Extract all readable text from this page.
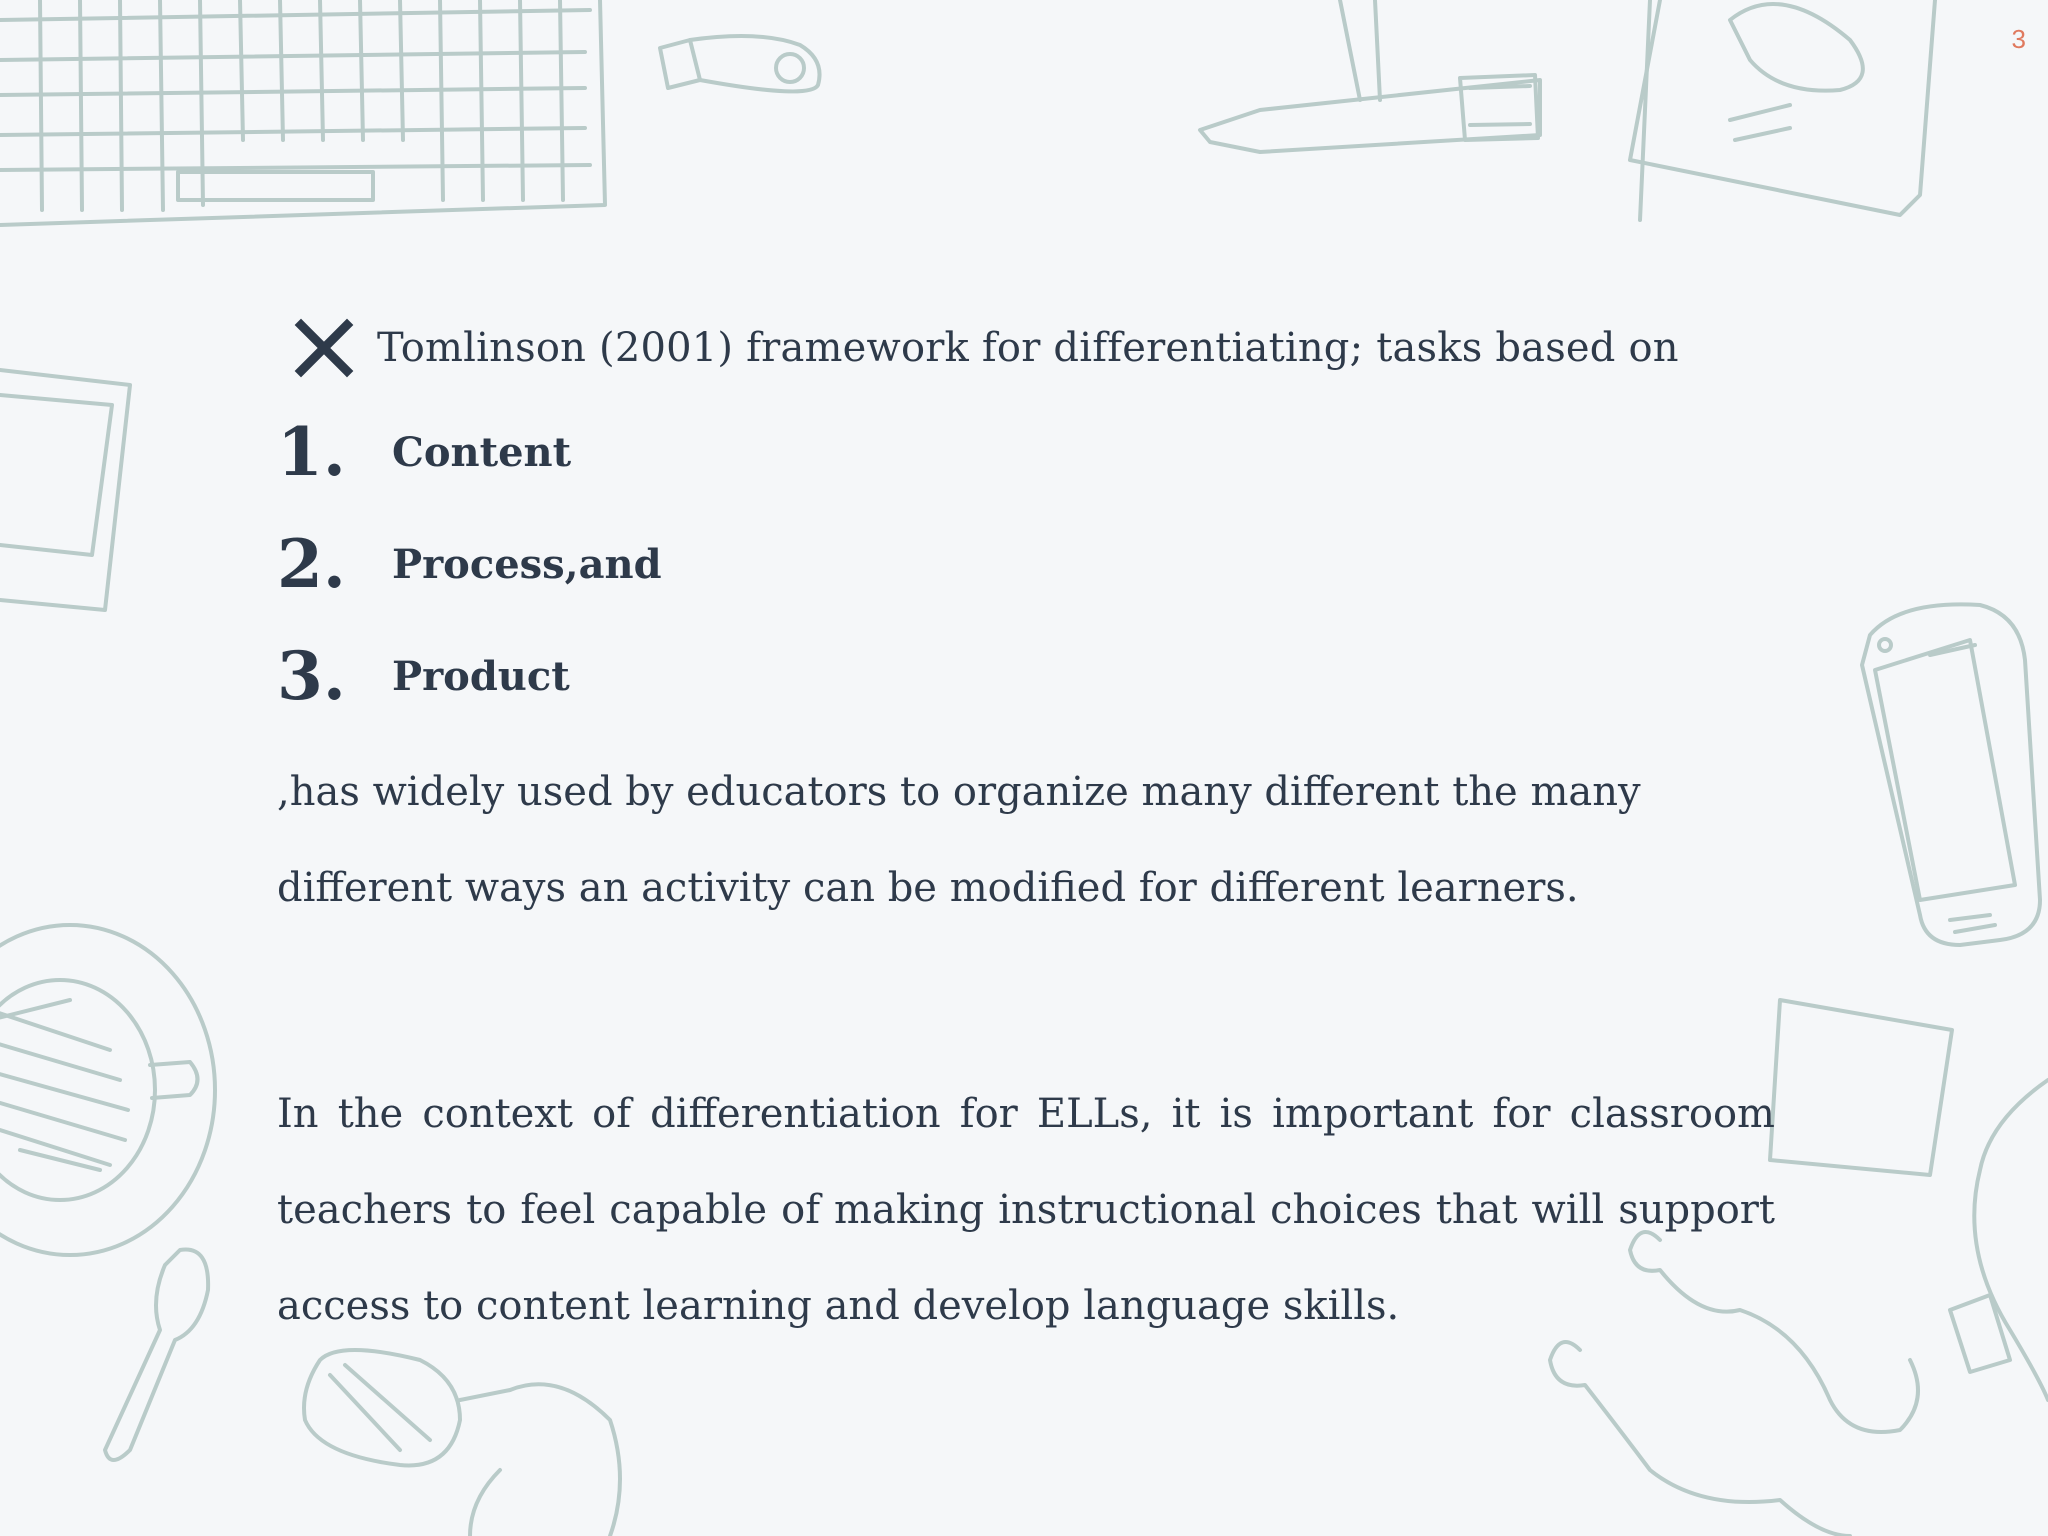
3
Tomlinson (2001) framework for differentiating; tasks based on
1.	Content
2.	Process,and
3.	Product

,has widely used by educators to organize many different the many different ways an activity can be modified for different learners.

In the context of differentiation for ELLs, it is important for classroom teachers to feel capable of making instructional choices that will support access to content learning and develop language skills.
